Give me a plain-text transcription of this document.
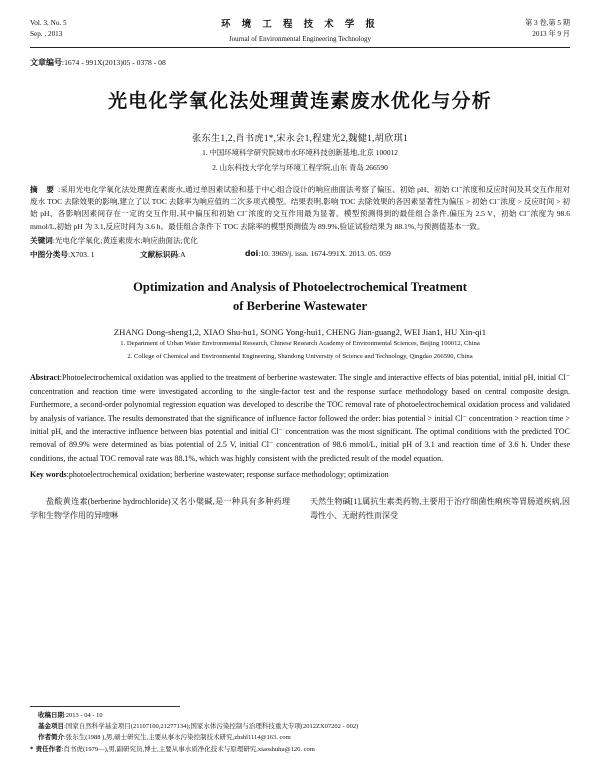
Vol. 3, No. 5
Sep. , 2013
环 境 工 程 技 术 学 报
Journal of Environmental Engineering Technology
第 3 卷,第 5 期
2013 年 9 月
文章编号:1674 - 991X(2013)05 - 0378 - 08
光电化学氧化法处理黄连素废水优化与分析
张东生1,2,肖书虎1*,宋永会1,程建光2,魏健1,胡欣琪1
1. 中国环境科学研究院城市水环境科技创新基地,北京 100012
2. 山东科技大学化学与环境工程学院,山东 青岛 266590
摘 要:采用光电化学氧化法处理黄连素废水,通过单因素试验和基于中心组合设计的响应曲面法考察了偏压、初始 pH、初始 Cl⁻浓度和反应时间及其交互作用对废水 TOC 去除效果的影响,建立了以 TOC 去除率为响应值的二次多项式模型。结果表明,影响 TOC 去除效果的各因素显著性为偏压 > 初始 Cl⁻浓度 > 反应时间 > 初始 pH、各影响因素间存在一定的交互作用,其中偏压和初始 Cl⁻浓度的交互作用最为显著。模型预测得到的最佳组合条件,偏压为 2.5 V、初始 Cl⁻浓度为 98.6 mmol/L,初始 pH 为 3.1,反应时间为 3.6 h。最佳组合条件下 TOC 去除率的模型预测值为 89.9%,验证试验结果为 88.1%,与预测值基本一致。
关键词:光电化学氧化;黄连素废水;响应曲面法;优化
中图分类号:X703. 1	文献标识码:A	doi:10. 3969/j. issn. 1674-991X. 2013. 05. 059
Optimization and Analysis of Photoelectrochemical Treatment
of Berberine Wastewater
ZHANG Dong-sheng1,2, XIAO Shu-hu1, SONG Yong-hui1, CHENG Jian-guang2, WEI Jian1, HU Xin-qi1
1. Department of Urban Water Environmental Research, Chinese Research Academy of Environmental Sciences, Beijing 100012, China
2. College of Chemical and Environmental Engineering, Shandong University of Science and Technology, Qingdao 266590, China
Abstract:Photoelectrochemical oxidation was applied to the treatment of berberine wastewater. The single and interactive effects of bias potential, initial pH, initial Cl⁻ concentration and reaction time were investigated according to the single-factor test and the response surface methodology based on central composite design. Furthermore, a second-order polynomial regression equation was developed to describe the TOC removal rate of photoelectrochemical oxidation process and validated by analysis of variance. The results demonstrated that the significance of influence factor followed the order: bias potential > initial Cl⁻ concentration > reaction time > initial pH, and the interactive influence between bias potential and initial Cl⁻ concentration was the most significant. The optimal conditions with the predicted TOC removal of 89.9% were determined as bias potential of 2.5 V, initial Cl⁻ concentration of 98.6 mmol/L, initial pH of 3.1 and reaction time of 3.6 h. Under these conditions, the actual TOC removal rate was 88.1%, which was highly consistent with the predicted result of the model equation.
Key words:photoelectrochemical oxidation; berberine wastewater; response surface methodology; optimization

盐酸黄连素(berberine hydrochloride)又名小檗碱,是一种具有多种药理学和生物学作用的异喹啉

天然生物碱[1],属抗生素类药物,主要用于治疗细菌性痢疾等胃肠道疾病,因毒性小、无耐药性而深受

收稿日期:2013 - 04 - 10
基金项目:国家自然科学基金项目(21107100,21277134);国家水体污染控制与治理科技重大专项(2012ZX07202 - 002)
作者简介:张东生(1988 ),男,硕士研究生,主要从事水污染控制技术研究,zhshl1114@163. com
* 责任作者:肖书虎(1979—),男,副研究员,博士,主要从事水质净化技术与原理研究,xiaoshuhu@126. com
